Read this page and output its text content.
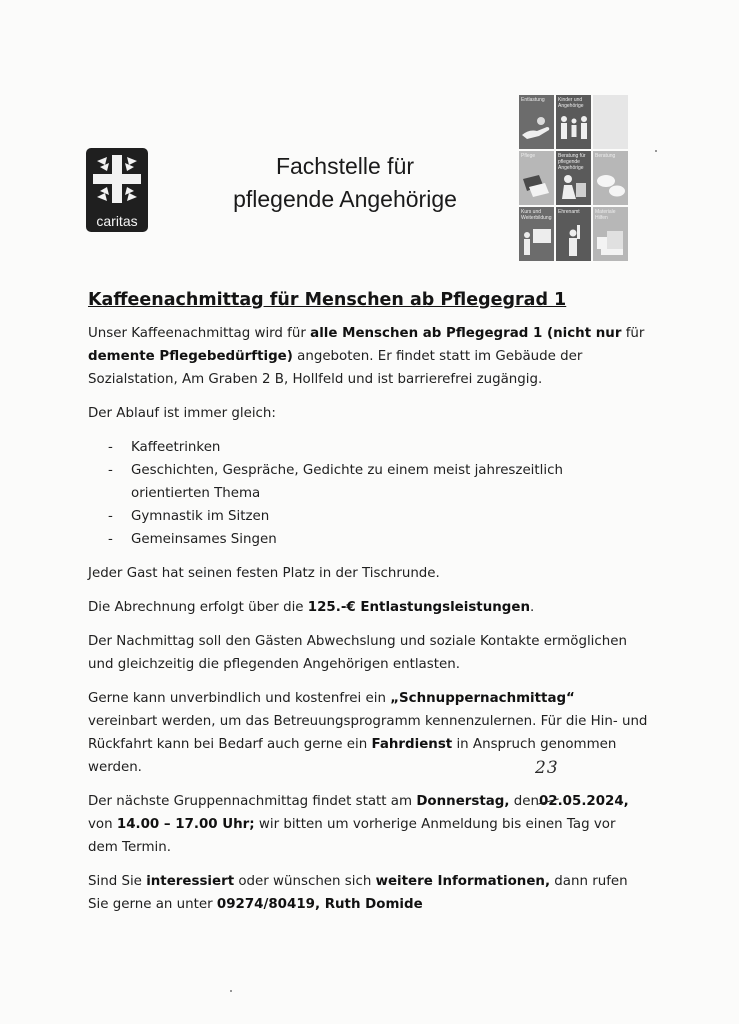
caritas
Fachstelle für
pflegende Angehörige
Entlastung	Kinder und Angehörige
Pflege	Beratung für pflegende Angehörige
Beratung
Kurs und Weiterbildung
Ehrenamt	Materiale Hilfen
Kaffeenachmittag für Menschen ab Pflegegrad 1

Unser Kaffeenachmittag wird für alle Menschen ab Pflegegrad 1 (nicht nur für demente Pflegebedürftige) angeboten. Er findet statt im Gebäude der Sozialstation, Am Graben 2 B, Hollfeld und ist barrierefrei zugängig.

Der Ablauf ist immer gleich:

- Kaffeetrinken
- Geschichten, Gespräche, Gedichte zu einem meist jahreszeitlich
orientierten Thema
- Gymnastik im Sitzen
- Gemeinsames Singen

Jeder Gast hat seinen festen Platz in der Tischrunde.

Die Abrechnung erfolgt über die 125.-€ Entlastungsleistungen.

Der Nachmittag soll den Gästen Abwechslung und soziale Kontakte ermöglichen und gleichzeitig die pflegenden Angehörigen entlasten.

Gerne kann unverbindlich und kostenfrei ein „Schnuppernachmittag“ vereinbart werden, um das Betreuungsprogramm kennenzulernen. Für die Hin- und Rückfahrt kann bei Bedarf auch gerne ein Fahrdienst in Anspruch genommen werden.

Der nächste Gruppennachmittag findet statt am Donnerstag, den02.05.2024, von 14.00 – 17.00 Uhr; wir bitten um vorherige Anmeldung bis einen Tag vor dem Termin.

Sind Sie interessiert oder wünschen sich weitere Informationen, dann rufen Sie gerne an unter 09274/80419, Ruth Domide

23
